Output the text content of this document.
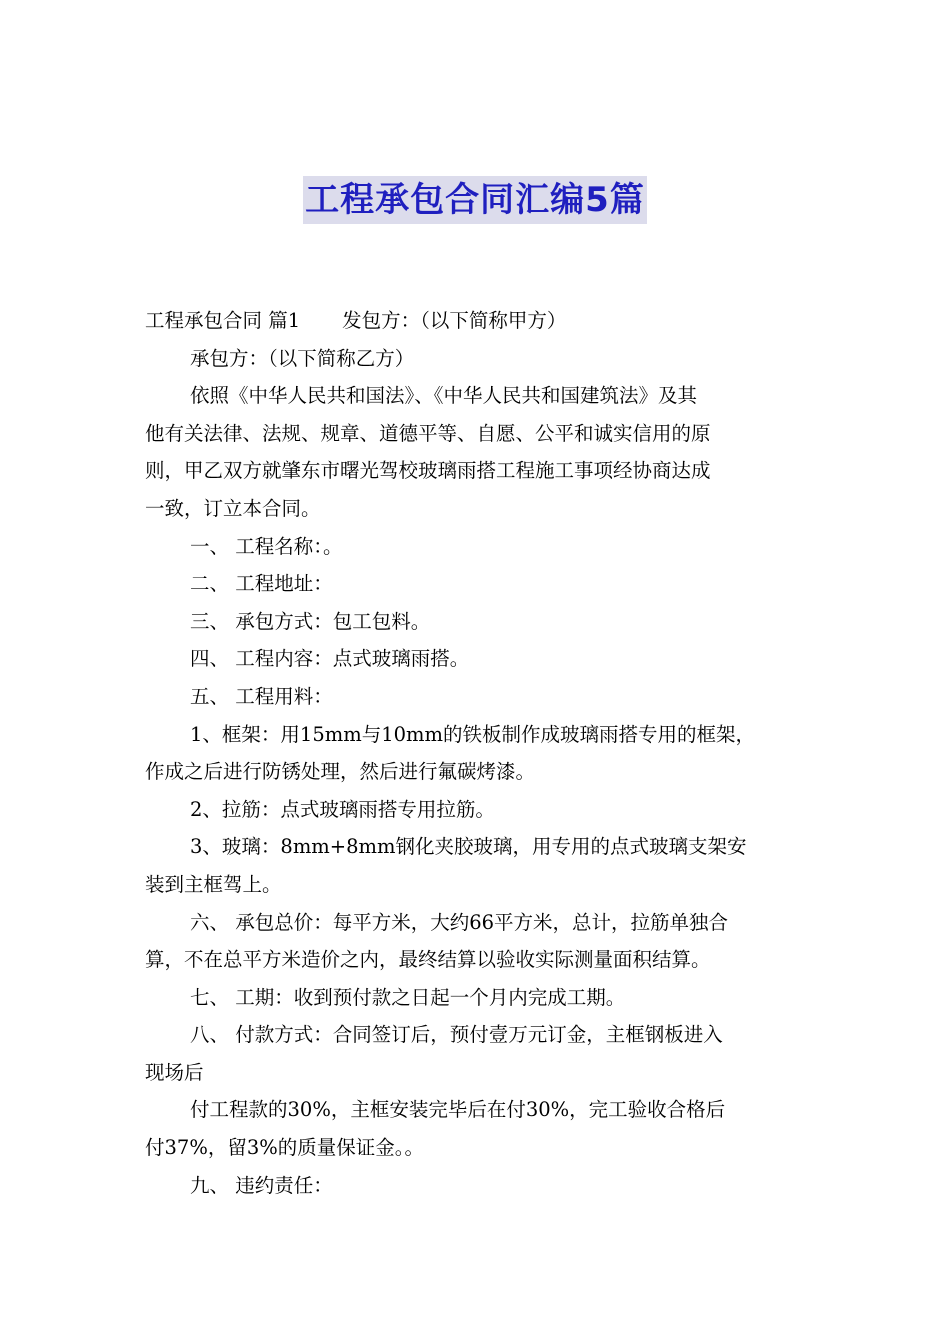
工程承包合同汇编5篇

工程承包合同 篇1 发包方：（以下简称甲方）

承包方：（以下简称乙方）

依照《中华人民共和国法》、《中华人民共和国建筑法》及其

他有关法律、法规、规章、道德平等、自愿、公平和诚实信用的原

则，甲乙双方就肇东市曙光驾校玻璃雨搭工程施工事项经协商达成

一致，订立本合同。

一、 工程名称：。

二、 工程地址：

三、 承包方式：包工包料。

四、 工程内容：点式玻璃雨搭。

五、 工程用料：

1、框架：用15mm与10mm的铁板制作成玻璃雨搭专用的框架，

作成之后进行防锈处理，然后进行氟碳烤漆。

2、拉筋：点式玻璃雨搭专用拉筋。

3、玻璃：8mm+8mm钢化夹胶玻璃，用专用的点式玻璃支架安

装到主框驾上。

六、 承包总价：每平方米，大约66平方米，总计，拉筋单独合

算，不在总平方米造价之内，最终结算以验收实际测量面积结算。

七、 工期：收到预付款之日起一个月内完成工期。

八、 付款方式：合同签订后，预付壹万元订金，主框钢板进入

现场后

付工程款的30%，主框安装完毕后在付30%，完工验收合格后

付37%，留3%的质量保证金。。

九、 违约责任：
